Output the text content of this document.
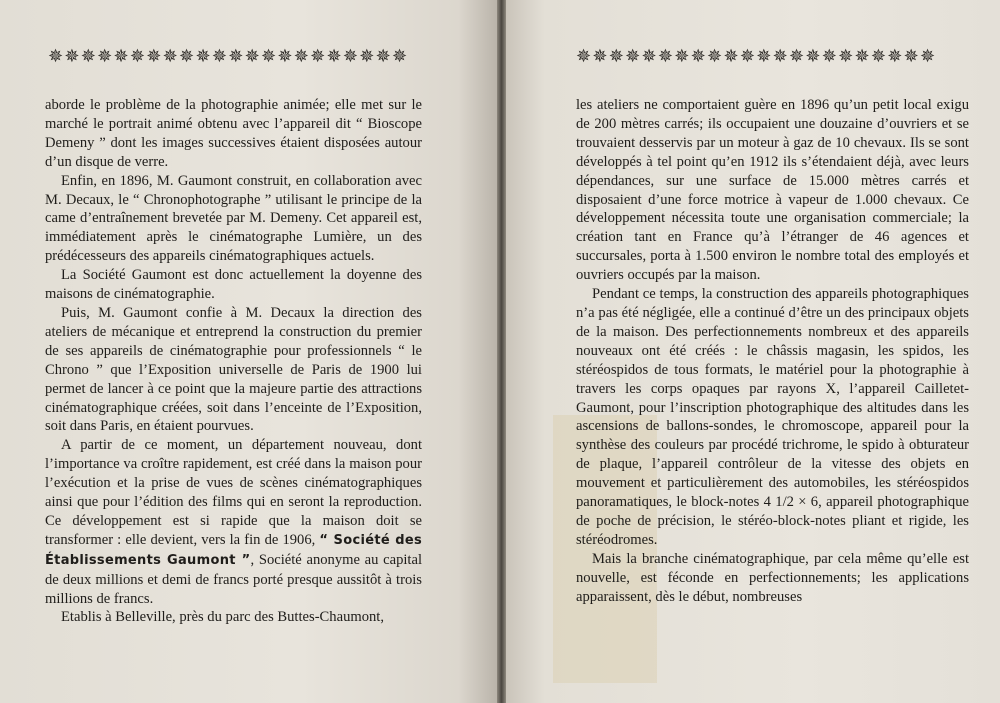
✵✵✵✵✵✵✵✵✵✵✵✵✵✵✵✵✵✵✵✵✵✵	✵✵✵✵✵✵✵✵✵✵✵✵✵✵✵✵✵✵✵✵✵✵

aborde le problème de la photographie animée; elle met sur le marché le portrait animé obtenu avec l’appareil dit “ Bioscope Demeny ” dont les images successives étaient disposées autour d’un disque de verre.

Enfin, en 1896, M. Gaumont construit, en collaboration avec M. Decaux, le “ Chronophotographe ” utilisant le principe de la came d’entraînement brevetée par M. Demeny. Cet appareil est, immédiatement après le cinématographe Lumière, un des prédécesseurs des appareils cinématographiques actuels.

La Société Gaumont est donc actuellement la doyenne des maisons de cinématographie.

Puis, M. Gaumont confie à M. Decaux la direction des ateliers de mécanique et entreprend la construction du premier de ses appareils de cinématographie pour professionnels “ le Chrono ” que l’Exposition universelle de Paris de 1900 lui permet de lancer à ce point que la majeure partie des attractions cinématographique créées, soit dans l’enceinte de l’Exposition, soit dans Paris, en étaient pourvues.

A partir de ce moment, un département nouveau, dont l’importance va croître rapidement, est créé dans la maison pour l’exécution et la prise de vues de scènes cinématographiques ainsi que pour l’édition des films qui en seront la reproduction. Ce développement est si rapide que la maison doit se transformer : elle devient, vers la fin de 1906, “ Société des Établissements Gaumont ”, Société anonyme au capital de deux millions et demi de francs porté presque aussitôt à trois millions de francs.

Etablis à Belleville, près du parc des Buttes-Chaumont,

les ateliers ne comportaient guère en 1896 qu’un petit local exigu de 200 mètres carrés; ils occupaient une douzaine d’ouvriers et se trouvaient desservis par un moteur à gaz de 10 chevaux. Ils se sont développés à tel point qu’en 1912 ils s’étendaient déjà, avec leurs dépendances, sur une surface de 15.000 mètres carrés et disposaient d’une force motrice à vapeur de 1.000 chevaux. Ce développement nécessita toute une organisation commerciale; la création tant en France qu’à l’étranger de 46 agences et succursales, porta à 1.500 environ le nombre total des employés et ouvriers occupés par la maison.

Pendant ce temps, la construction des appareils photographiques n’a pas été négligée, elle a continué d’être un des principaux objets de la maison. Des perfectionnements nombreux et des appareils nouveaux ont été créés : le châssis magasin, les spidos, les stéréospidos de tous formats, le matériel pour la photographie à travers les corps opaques par rayons X, l’appareil Cailletet-Gaumont, pour l’inscription photographique des altitudes dans les ascensions de ballons-sondes, le chromoscope, appareil pour la synthèse des couleurs par procédé trichrome, le spido à obturateur de plaque, l’appareil contrôleur de la vitesse des objets en mouvement et particulièrement des automobiles, les stéréospidos panoramatiques, le block-notes 4 1/2 × 6, appareil photographique de poche de précision, le stéréo-block-notes pliant et rigide, les stéréodromes.

Mais la branche cinématographique, par cela même qu’elle est nouvelle, est féconde en perfectionnements; les applications apparaissent, dès le début, nombreuses
